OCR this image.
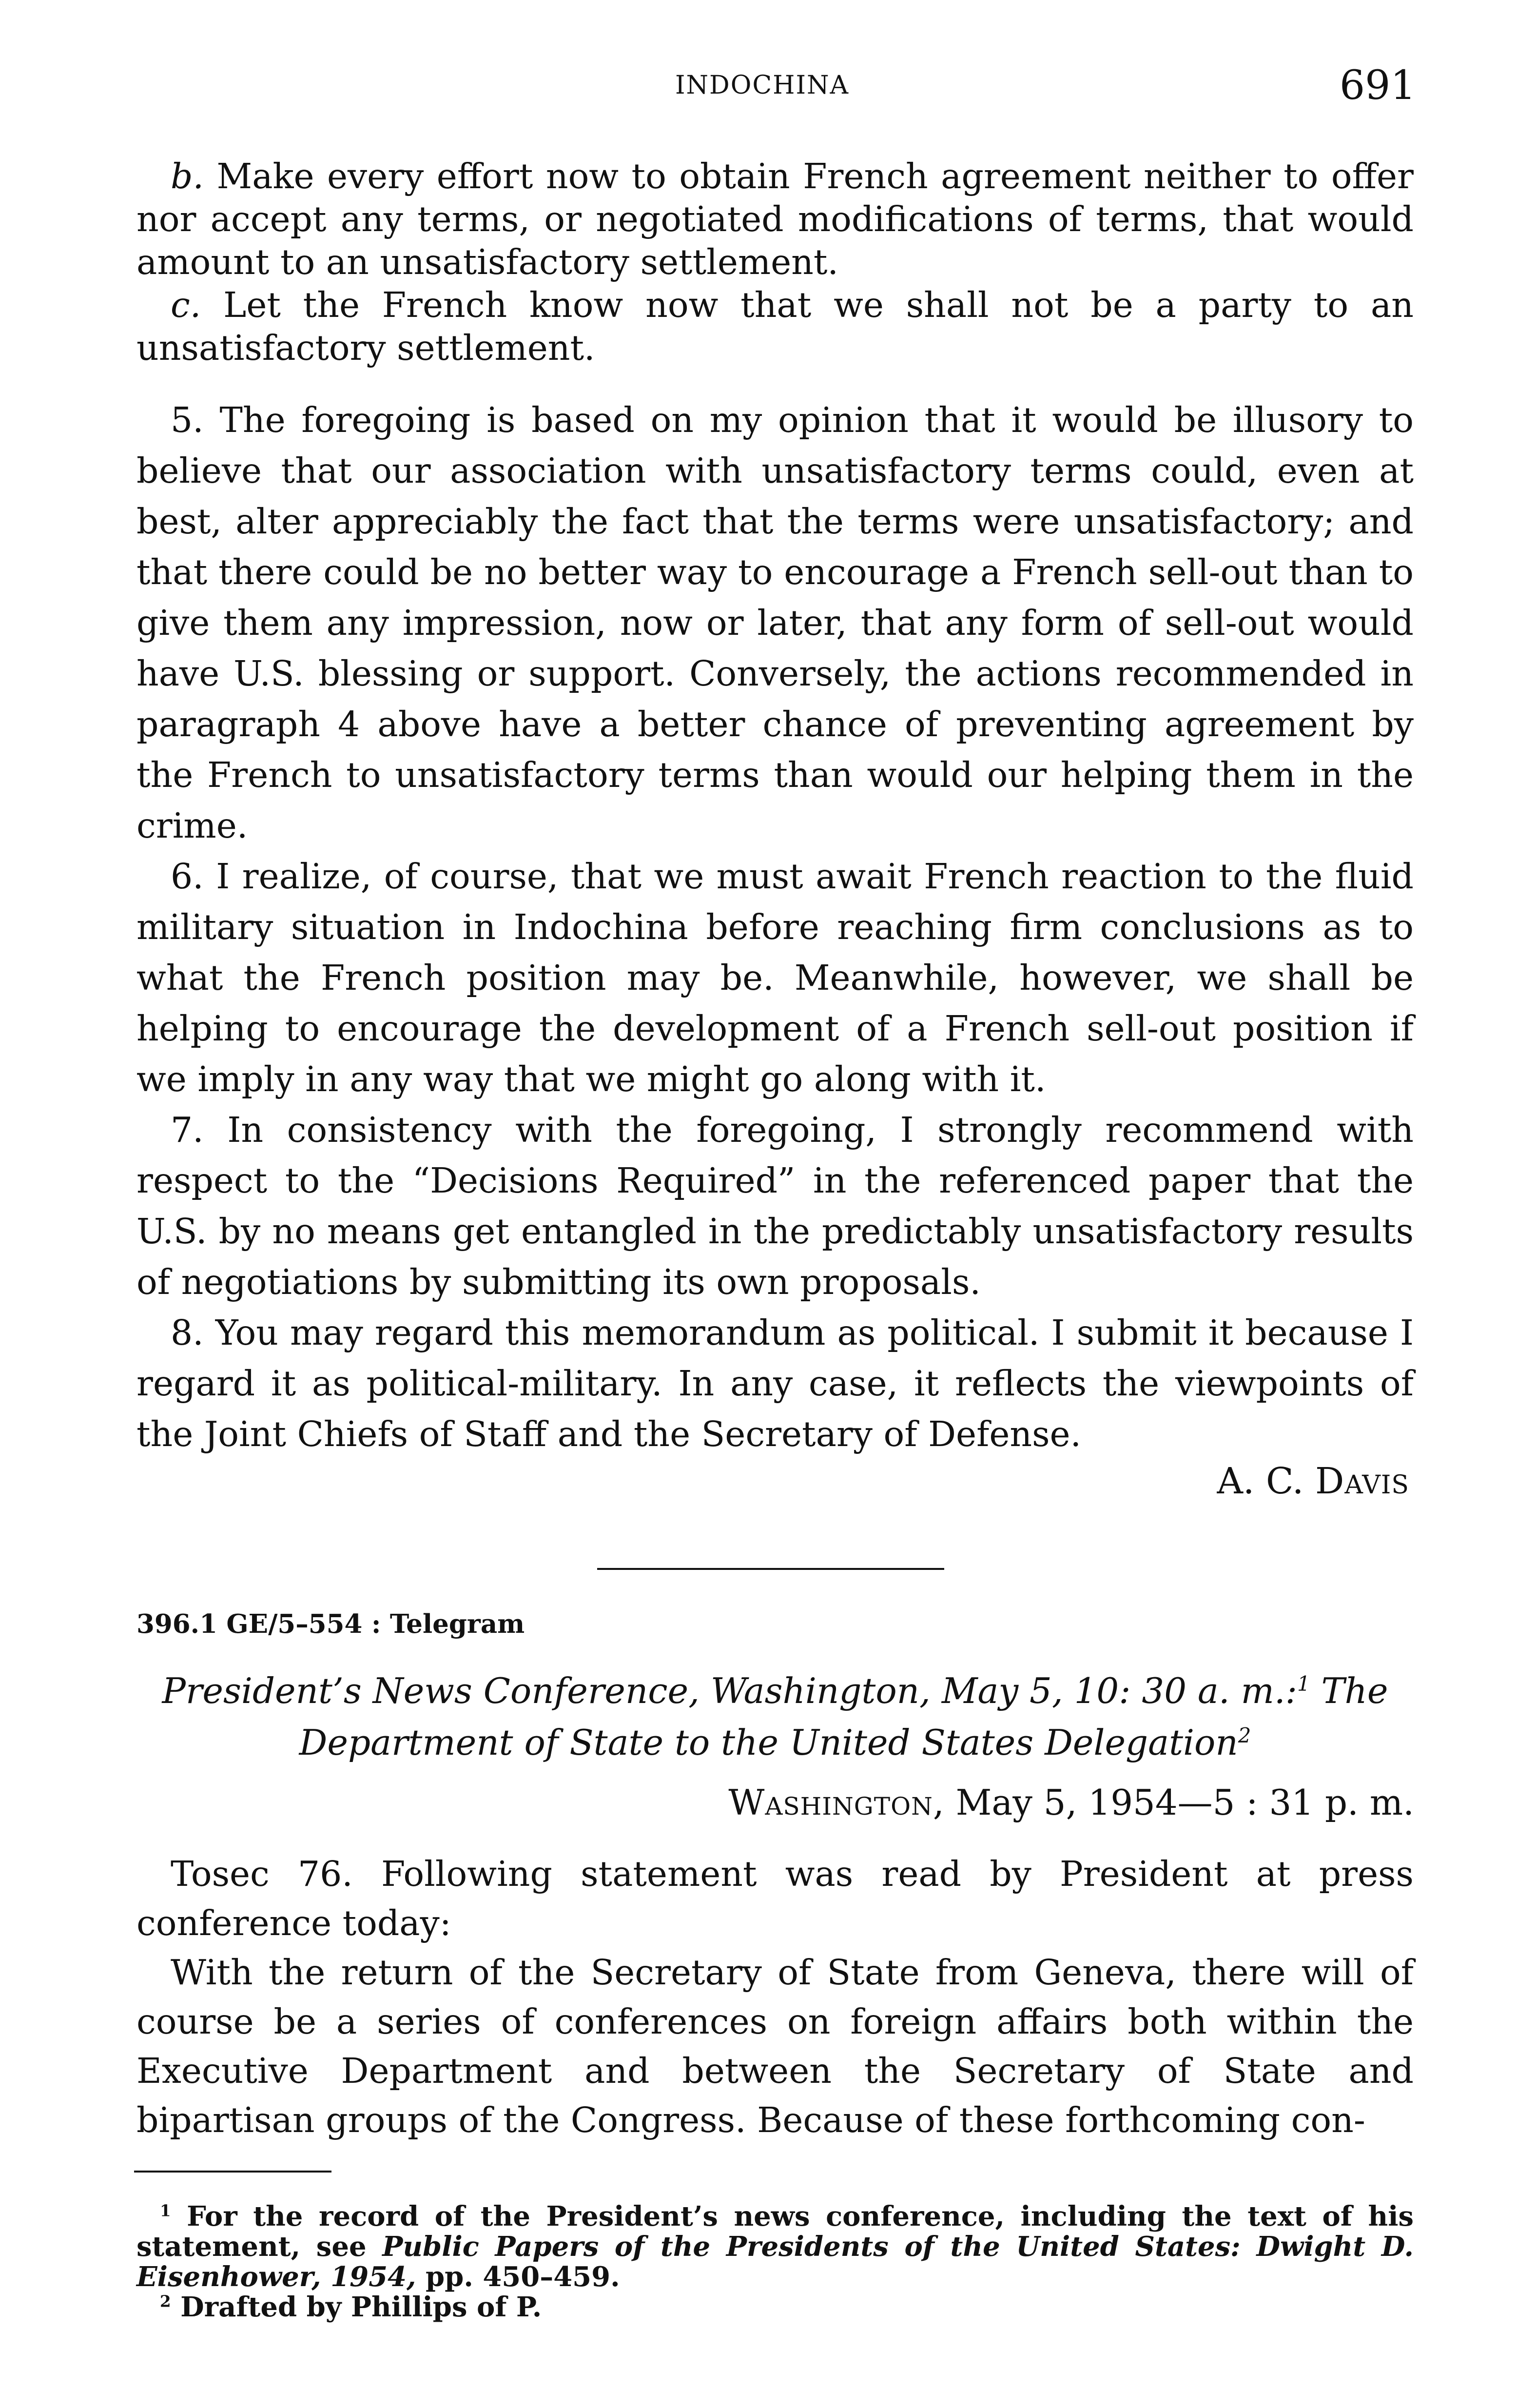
INDOCHINA	691

b. Make every effort now to obtain French agreement neither to offer nor accept any terms, or negotiated modifications of terms, that would amount to an unsatisfactory settlement.

c. Let the French know now that we shall not be a party to an unsatisfactory settlement.

5. The foregoing is based on my opinion that it would be illusory to believe that our association with unsatisfactory terms could, even at best, alter appreciably the fact that the terms were unsatisfactory; and that there could be no better way to encourage a French sell-out than to give them any impression, now or later, that any form of sell-out would have U.S. blessing or support. Conversely, the actions recommended in paragraph 4 above have a better chance of preventing agreement by the French to unsatisfactory terms than would our helping them in the crime.

6. I realize, of course, that we must await French reaction to the fluid military situation in Indochina before reaching firm conclusions as to what the French position may be. Meanwhile, however, we shall be helping to encourage the development of a French sell-out position if we imply in any way that we might go along with it.

7. In consistency with the foregoing, I strongly recommend with respect to the “Decisions Required” in the referenced paper that the U.S. by no means get entangled in the predictably unsatisfactory results of negotiations by submitting its own proposals.

8. You may regard this memorandum as political. I submit it because I regard it as political-military. In any case, it reflects the viewpoints of the Joint Chiefs of Staff and the Secretary of Defense.

A. C. Davis
396.1 GE/5–554 : Telegram
President’s News Conference, Washington, May 5, 10: 30 a. m.:$^1$ The Department of State to the United States Delegation$^2$
Washington, May 5, 1954—5 : 31 p. m.

Tosec 76. Following statement was read by President at press conference today:

With the return of the Secretary of State from Geneva, there will of course be a series of conferences on foreign affairs both within the Executive Department and between the Secretary of State and bipartisan groups of the Congress. Because of these forthcoming con-

$^1$ For the record of the President’s news conference, including the text of his statement, see Public Papers of the Presidents of the United States: Dwight D. Eisenhower, 1954, pp. 450–459.

$^2$ Drafted by Phillips of P.
